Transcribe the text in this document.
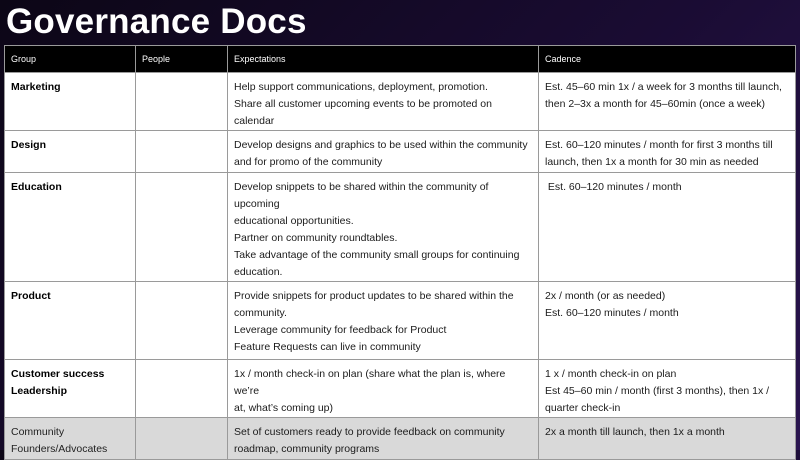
Governance Docs
Group	People	Expectations	Cadence

Marketing		Help support communications, deployment, promotion.
Share all customer upcoming events to be promoted on calendar	Est. 45–60 min 1x / a week for 3 months till launch,
then 2–3x a month for 45–60min (once a week)

Design		Develop designs and graphics to be used within the community
and for promo of the community	Est. 60–120 minutes / month for first 3 months till
launch, then 1x a month for 30 min as needed

Education		Develop snippets to be shared within the community of upcoming
educational opportunities.
Partner on community roundtables.
Take advantage of the community small groups for continuing
education.	Est. 60–120 minutes / month

Product		Provide snippets for product updates to be shared within the
community.
Leverage community for feedback for Product
Feature Requests can live in community	2x / month (or as needed)
Est. 60–120 minutes / month

Customer success
Leadership		1x / month check-in on plan (share what the plan is, where we’re
at, what’s coming up)	1 x / month check-in on plan
Est 45–60 min / month (first 3 months), then 1x /
quarter check-in

Community
Founders/Advocates		Set of customers ready to provide feedback on community
roadmap, community programs	2x a month till launch, then 1x a month
